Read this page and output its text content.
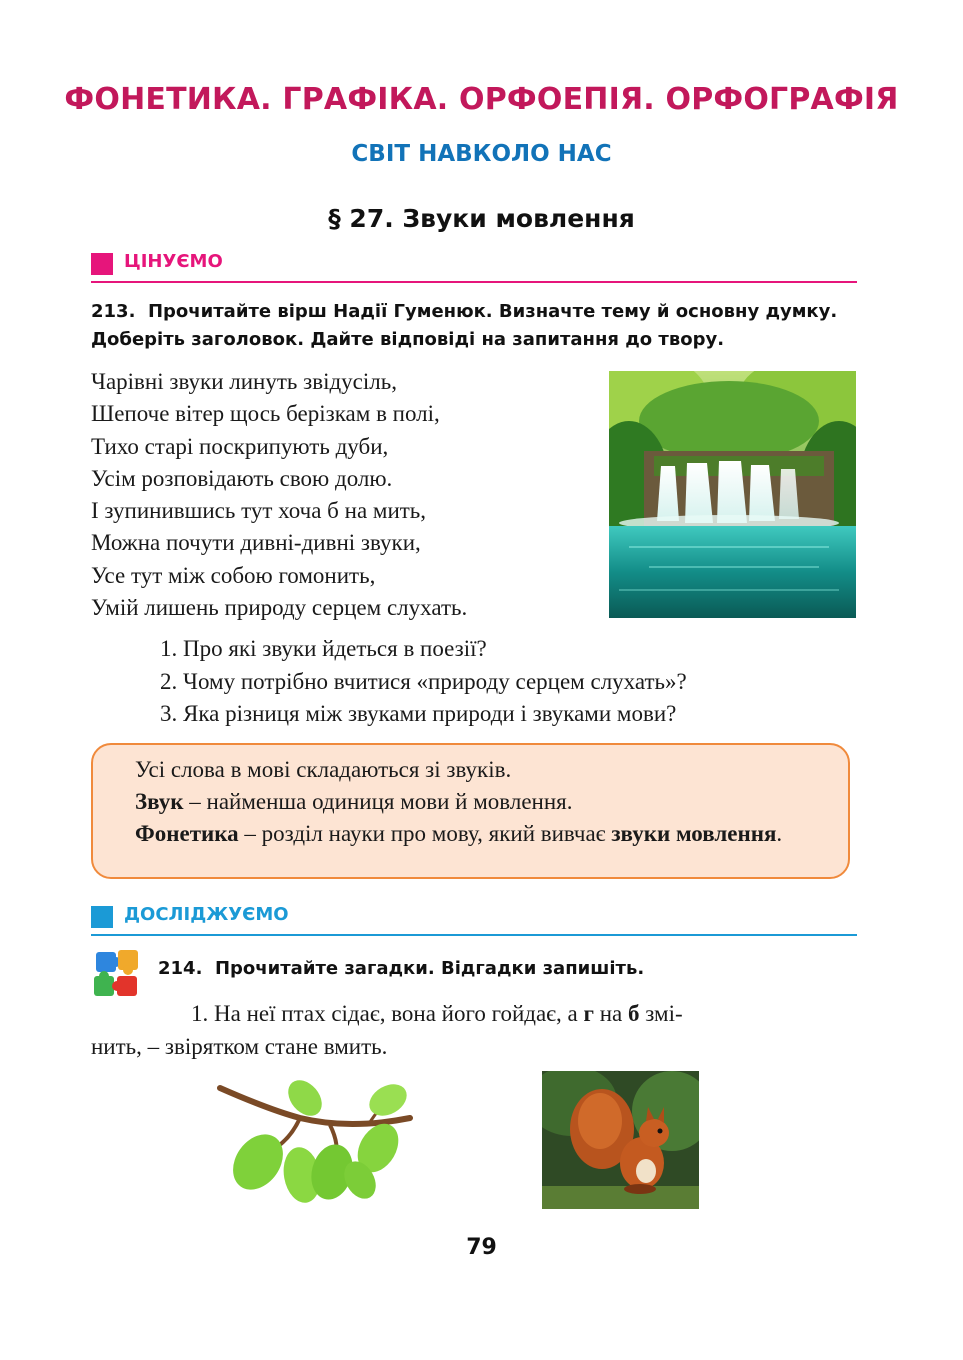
ФОНЕТИКА. ГРАФІКА. ОРФОЕПІЯ. ОРФОГРАФІЯ
СВІТ НАВКОЛО НАС
§ 27. Звуки мовлення
ЦІНУЄМО
213. Прочитайте вірш Надії Гуменюк. Визначте тему й основну думку.
Доберіть заголовок. Дайте відповіді на запитання до твору.
Чарівні звуки линуть звідусіль,
Шепоче вітер щось берізкам в полі,
Тихо старі поскрипують дуби,
Усім розповідають свою долю.
І зупинившись тут хоча б на мить,
Можна почути дивні-дивні звуки,
Усе тут між собою гомонить,
Умій лишень природу серцем слухать.
1. Про які звуки йдеться в поезії?
2. Чому потрібно вчитися «природу серцем слухать»?
3. Яка різниця між звуками природи і звуками мови?

Усі слова в мові складаються зі звуків.

Звук – найменша одиниця мови й мовлення.

Фонетика – розділ науки про мову, який вивчає звуки мовлення.

ДОСЛІДЖУЄМО
214. Прочитайте загадки. Відгадки запишіть.
1. На неї птах сідає, вона його гойдає, а г на б змі-
нить, – звірятком стане вмить.
79
